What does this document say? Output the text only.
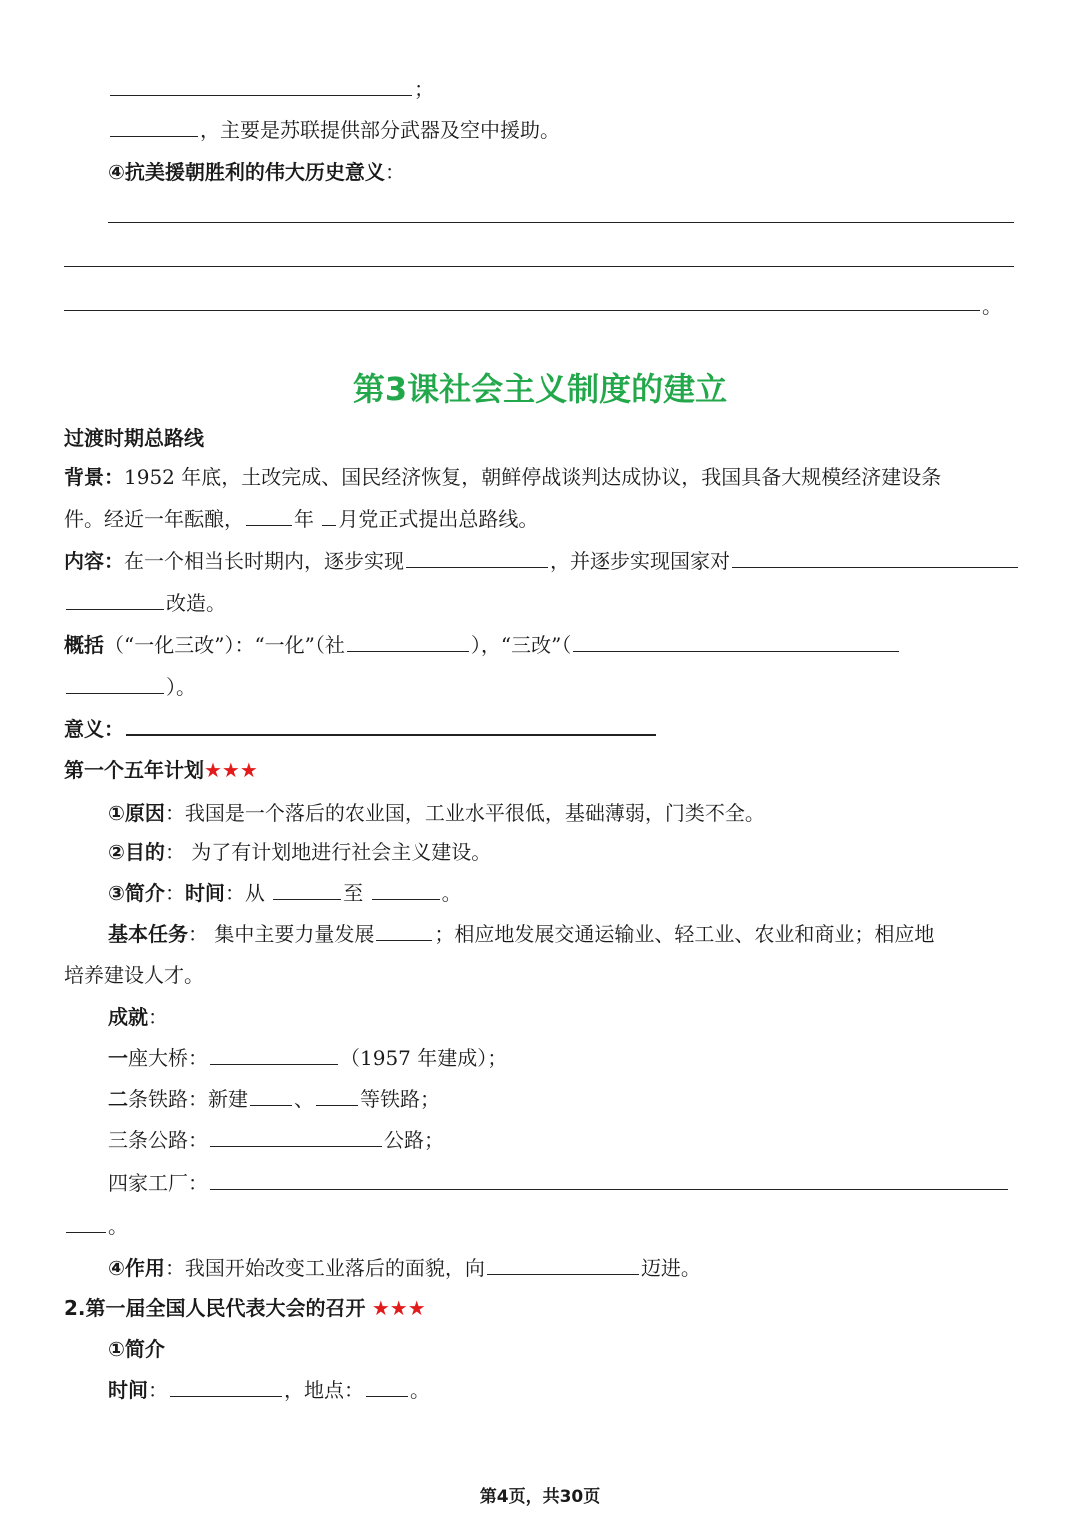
；
，主要是苏联提供部分武器及空中援助。
④抗美援朝胜利的伟大历史意义：
。
第3课社会主义制度的建立
过渡时期总路线
背景：1952 年底，土改完成、国民经济恢复，朝鲜停战谈判达成协议，我国具备大规模经济建设条
件。经近一年酝酿，	年 月党正式提出总路线。
内容：在一个相当长时期内，逐步实现	，并逐步实现国家对
改造。
概括（“一化三改”）：“一化”（社	），“三改”（
）。
意义：
第一个五年计划★★★
①原因：我国是一个落后的农业国，工业水平很低，基础薄弱，门类不全。
②目的： 为了有计划地进行社会主义建设。
③简介：时间：从	至	。
基本任务： 集中主要力量发展	；相应地发展交通运输业、轻工业、农业和商业；相应地
培养建设人才。
成就：
一座大桥：	（1957 年建成）；
二条铁路：新建 、 等铁路；
三条公路：	公路；
四家工厂：
。
④作用：我国开始改变工业落后的面貌，向	迈进。
2.第一届全国人民代表大会的召开 ★★★
①简介
时间：	，地点： 。
第4页，共30页
